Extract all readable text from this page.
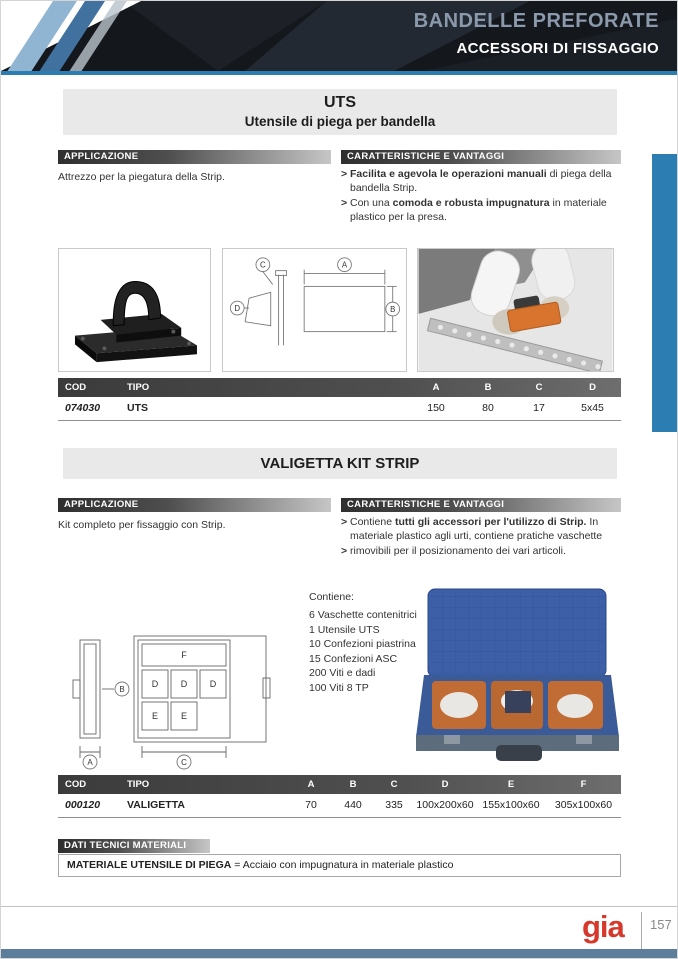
BANDELLE PREFORATE
ACCESSORI DI FISSAGGIO
UTS
Utensile di piega per bandella
APPLICAZIONE	CARATTERISTICHE E VANTAGGI
Attrezzo per la piegatura della Strip.	> Facilita e agevola le operazioni manuali di piega della bandella Strip.
> Con una comoda e robusta impugnatura in materiale plastico per la presa.
C
D
A
B
COD	TIPO	A	B	C	D
074030	UTS	150	80	17	5x45
VALIGETTA KIT STRIP
APPLICAZIONE	CARATTERISTICHE E VANTAGGI
Kit completo per fissaggio con Strip.	> Contiene tutti gli accessori per l'utilizzo di Strip. In materiale plastico agli urti, contiene pratiche vaschette
> rimovibili per il posizionamento dei vari articoli.
Contiene:
6 Vaschette contenitrici
1 Utensile UTS
10 Confezioni piastrina
15 Confezioni ASC
200 Viti e dadi
100 Viti 8 TP
F
D	D	D
E	E
B
A	C
COD	TIPO	A	B	C	D	E	F
000120	VALIGETTA	70	440	335	100x200x60	155x100x60	305x100x60
DATI TECNICI MATERIALI
MATERIALE UTENSILE DI PIEGA = Acciaio con impugnatura in materiale plastico
gia 157
